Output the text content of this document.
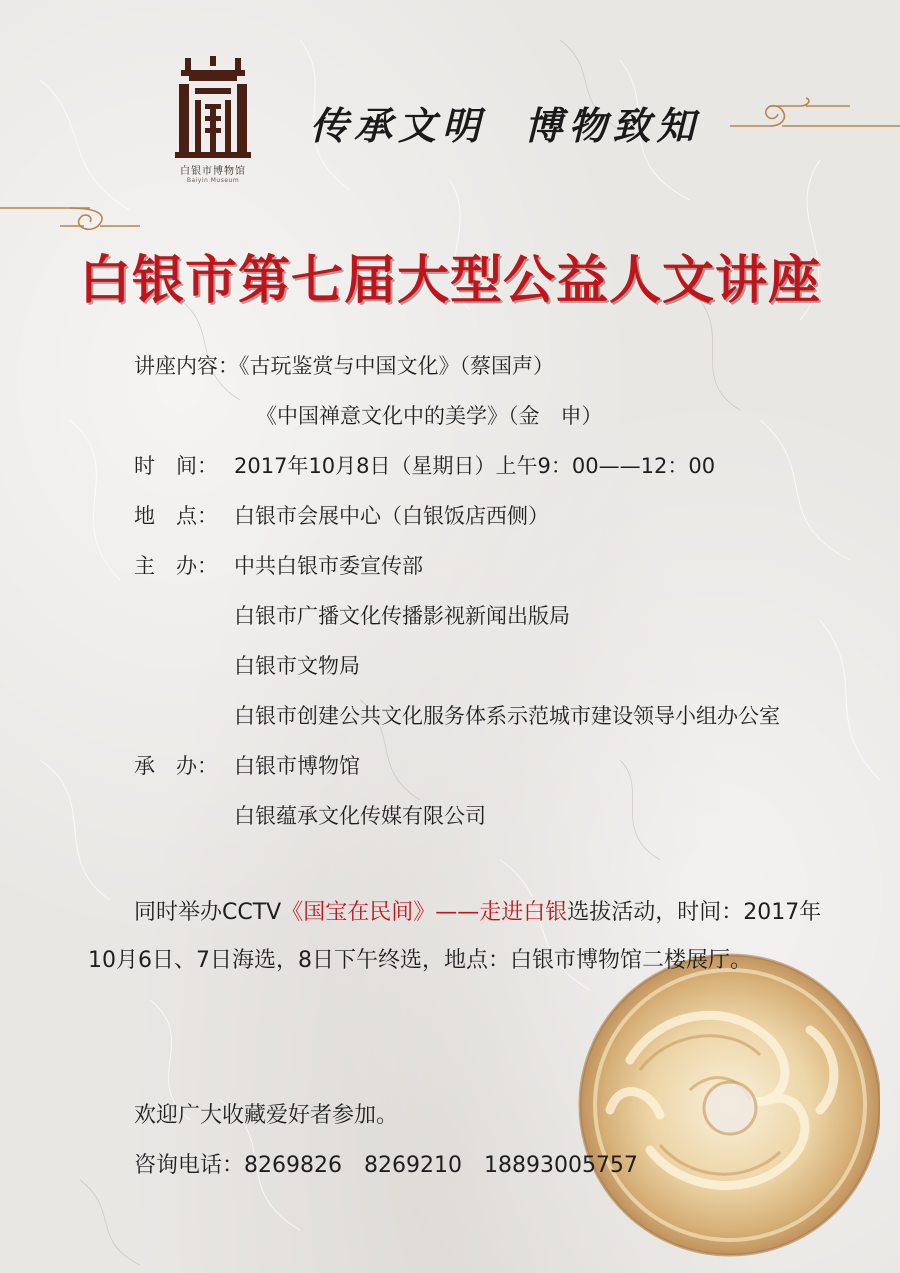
白银市博物馆
Baiyin Museum
传承文明  博物致知
白银市第七届大型公益人文讲座
讲座内容：《古玩鉴赏与中国文化》（蔡国声）
《中国禅意文化中的美学》（金　申）
时　间： 2017年10月8日（星期日）上午9：00——12：00
地　点： 白银市会展中心（白银饭店西侧）
主　办： 中共白银市委宣传部
白银市广播文化传播影视新闻出版局
白银市文物局
白银市创建公共文化服务体系示范城市建设领导小组办公室
承　办： 白银市博物馆
白银蕴承文化传媒有限公司
同时举办CCTV《国宝在民间》——走进白银选拔活动，时间：2017年10月6日、7日海选，8日下午终选，地点：白银市博物馆二楼展厅。
欢迎广大收藏爱好者参加。
咨询电话：8269826　8269210　18893005757
